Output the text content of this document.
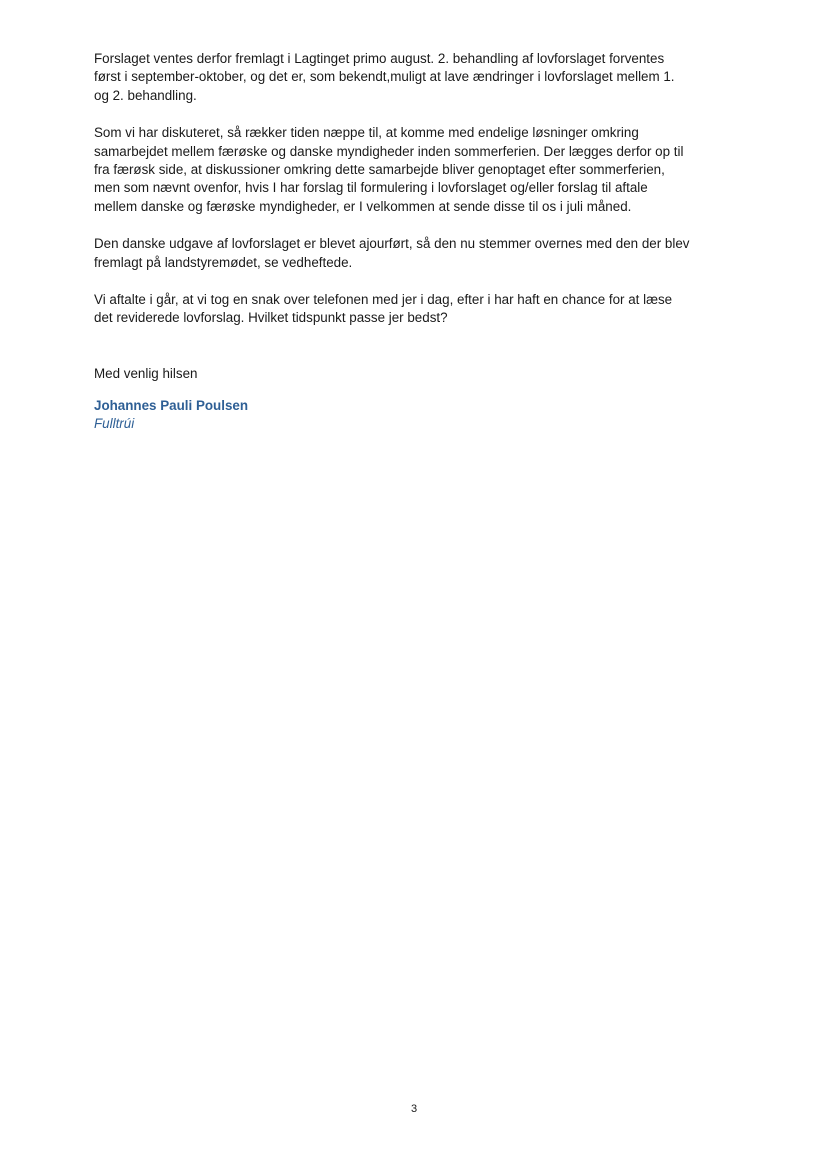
Forslaget ventes derfor fremlagt i Lagtinget primo august. 2. behandling af lovforslaget forventes
først i september-oktober, og det er, som bekendt,muligt at lave ændringer i lovforslaget mellem 1.
og 2. behandling.
Som vi har diskuteret, så rækker tiden næppe til, at komme med endelige løsninger omkring
samarbejdet mellem færøske og danske myndigheder inden sommerferien. Der lægges derfor op til
fra færøsk side, at diskussioner omkring dette samarbejde bliver genoptaget efter sommerferien,
men som nævnt ovenfor, hvis I har forslag til formulering i lovforslaget og/eller forslag til aftale
mellem danske og færøske myndigheder, er I velkommen at sende disse til os i juli måned.
Den danske udgave af lovforslaget er blevet ajourført, så den nu stemmer overnes med den der blev
fremlagt på landstyremødet, se vedheftede.
Vi aftalte i går, at vi tog en snak over telefonen med jer i dag, efter i har haft en chance for at læse
det reviderede lovforslag. Hvilket tidspunkt passe jer bedst?

Med venlig hilsen

Johannes Pauli Poulsen

Fulltrúi

3
